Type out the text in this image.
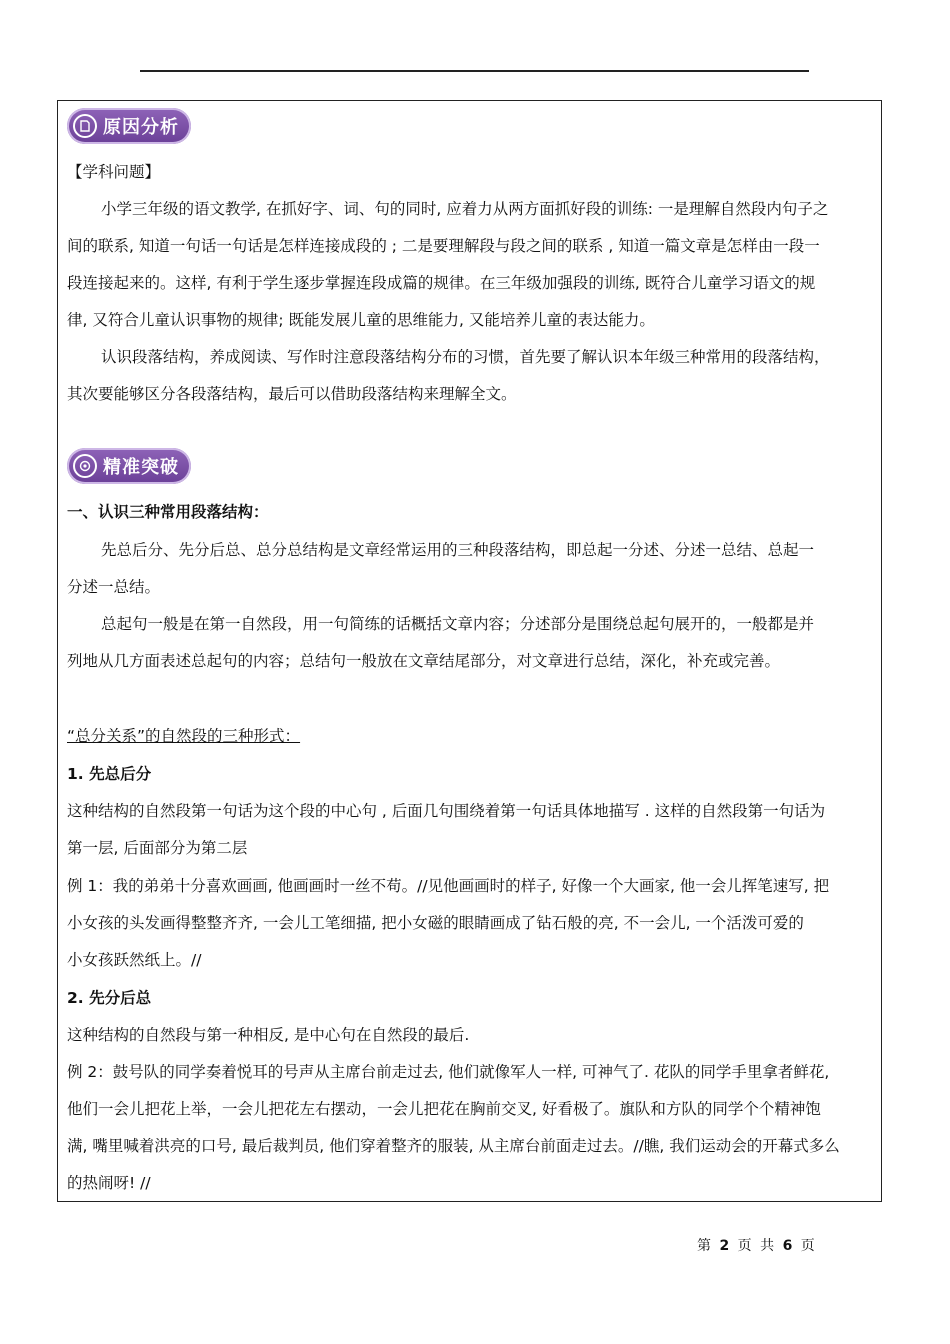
原因分析
【学科问题】
小学三年级的语文教学, 在抓好字、词、句的同时, 应着力从两方面抓好段的训练: 一是理解自然段内句子之
间的联系, 知道一句话一句话是怎样连接成段的 ; 二是要理解段与段之间的联系 , 知道一篇文章是怎样由一段一
段连接起来的。这样, 有利于学生逐步掌握连段成篇的规律。在三年级加强段的训练, 既符合儿童学习语文的规
律, 又符合儿童认识事物的规律; 既能发展儿童的思维能力, 又能培养儿童的表达能力。
认识段落结构，养成阅读、写作时注意段落结构分布的习惯，首先要了解认识本年级三种常用的段落结构，
其次要能够区分各段落结构，最后可以借助段落结构来理解全文。
精准突破
一、认识三种常用段落结构：
先总后分、先分后总、总分总结构是文章经常运用的三种段落结构，即总起一分述、分述一总结、总起一
分述一总结。
总起句一般是在第一自然段，用一句简练的话概括文章内容；分述部分是围绕总起句展开的，一般都是并
列地从几方面表述总起句的内容；总结句一般放在文章结尾部分，对文章进行总结，深化，补充或完善。
“总分关系”的自然段的三种形式：
1. 先总后分
这种结构的自然段第一句话为这个段的中心句 , 后面几句围绕着第一句话具体地描写 . 这样的自然段第一句话为
第一层, 后面部分为第二层
例 1：我的弟弟十分喜欢画画, 他画画时一丝不苟。//见他画画时的样子, 好像一个大画家, 他一会儿挥笔速写, 把
小女孩的头发画得整整齐齐, 一会儿工笔细描, 把小女磁的眼睛画成了钻石般的亮, 不一会儿, 一个活泼可爱的
小女孩跃然纸上。//
2. 先分后总
这种结构的自然段与第一种相反, 是中心句在自然段的最后.
例 2：鼓号队的同学奏着悦耳的号声从主席台前走过去, 他们就像军人一样, 可神气了. 花队的同学手里拿者鲜花,
他们一会儿把花上举，一会儿把花左右摆动，一会儿把花在胸前交叉, 好看极了。旗队和方队的同学个个精神饱
满, 嘴里喊着洪亮的口号, 最后裁判员, 他们穿着整齐的服装, 从主席台前面走过去。//瞧, 我们运动会的开幕式多么
的热闹呀! //
第 2 页 共 6 页
